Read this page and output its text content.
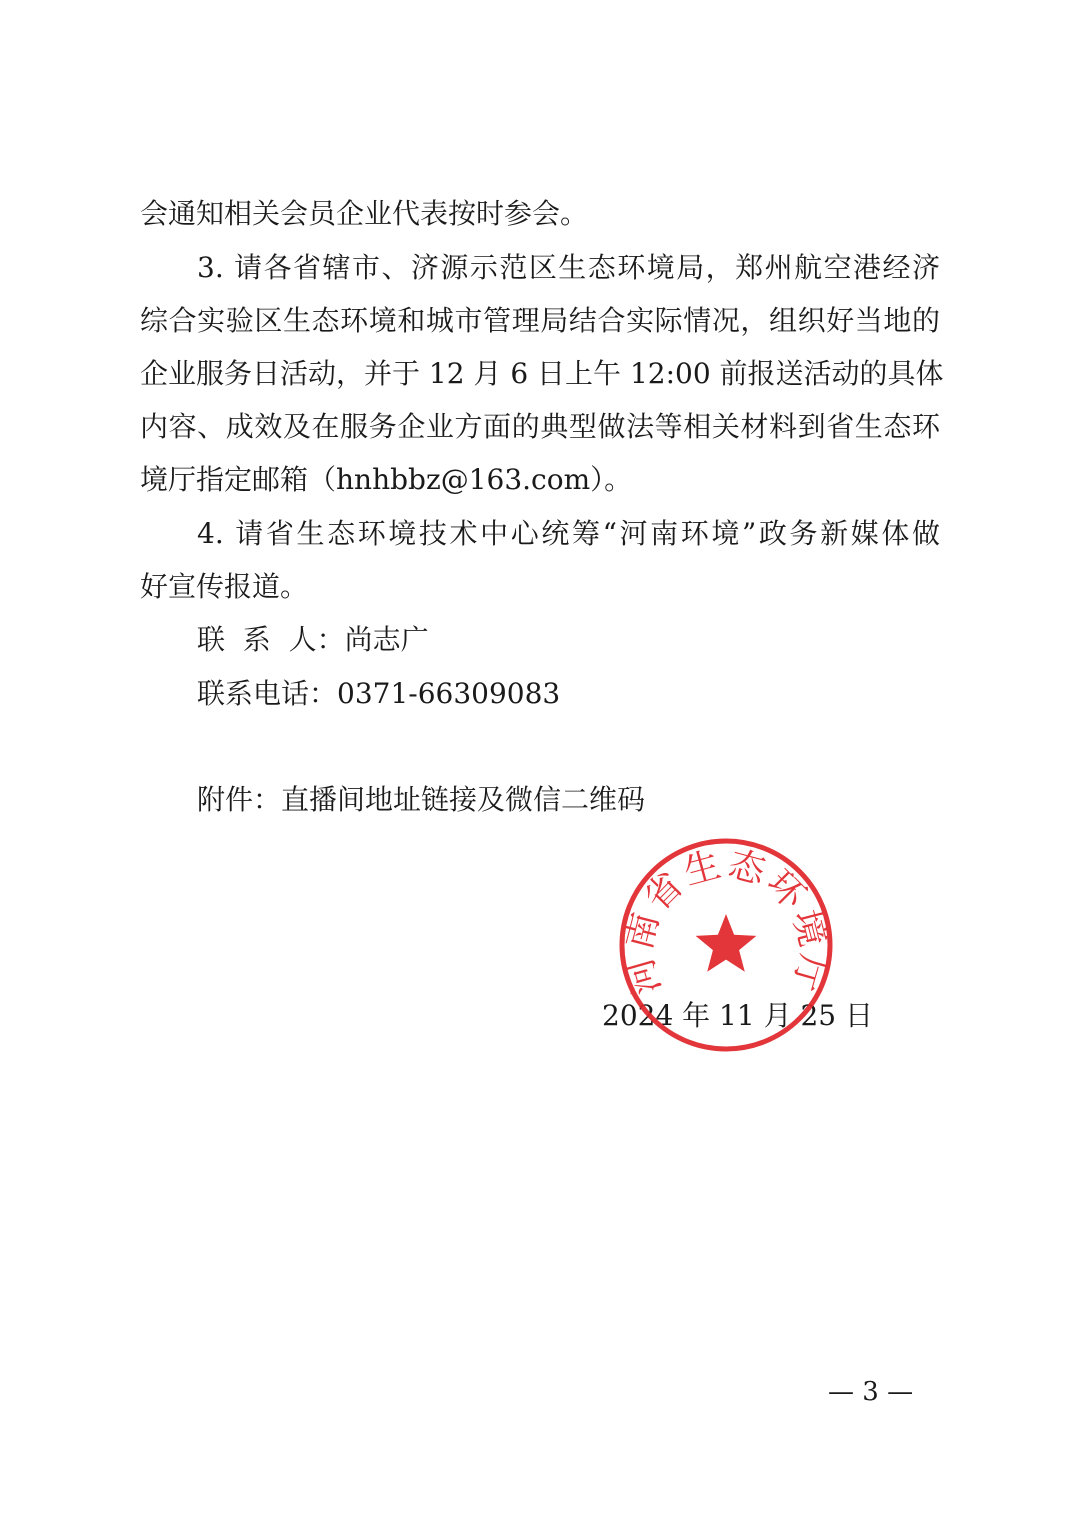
会通知相关会员企业代表按时参会。
3. 请各省辖市、济源示范区生态环境局，郑州航空港经济
综合实验区生态环境和城市管理局结合实际情况，组织好当地的
企业服务日活动，并于 12 月 6 日上午 12:00 前报送活动的具体
内容、成效及在服务企业方面的典型做法等相关材料到省生态环
境厅指定邮箱（hnhbbz@163.com）。
4. 请省生态环境技术中心统筹“河南环境”政务新媒体做
好宣传报道。
联  系  人：尚志广
联系电话：0371-66309083
附件：直播间地址链接及微信二维码
2024 年 11 月 25 日
河南省生态环境厅
— 3 —
